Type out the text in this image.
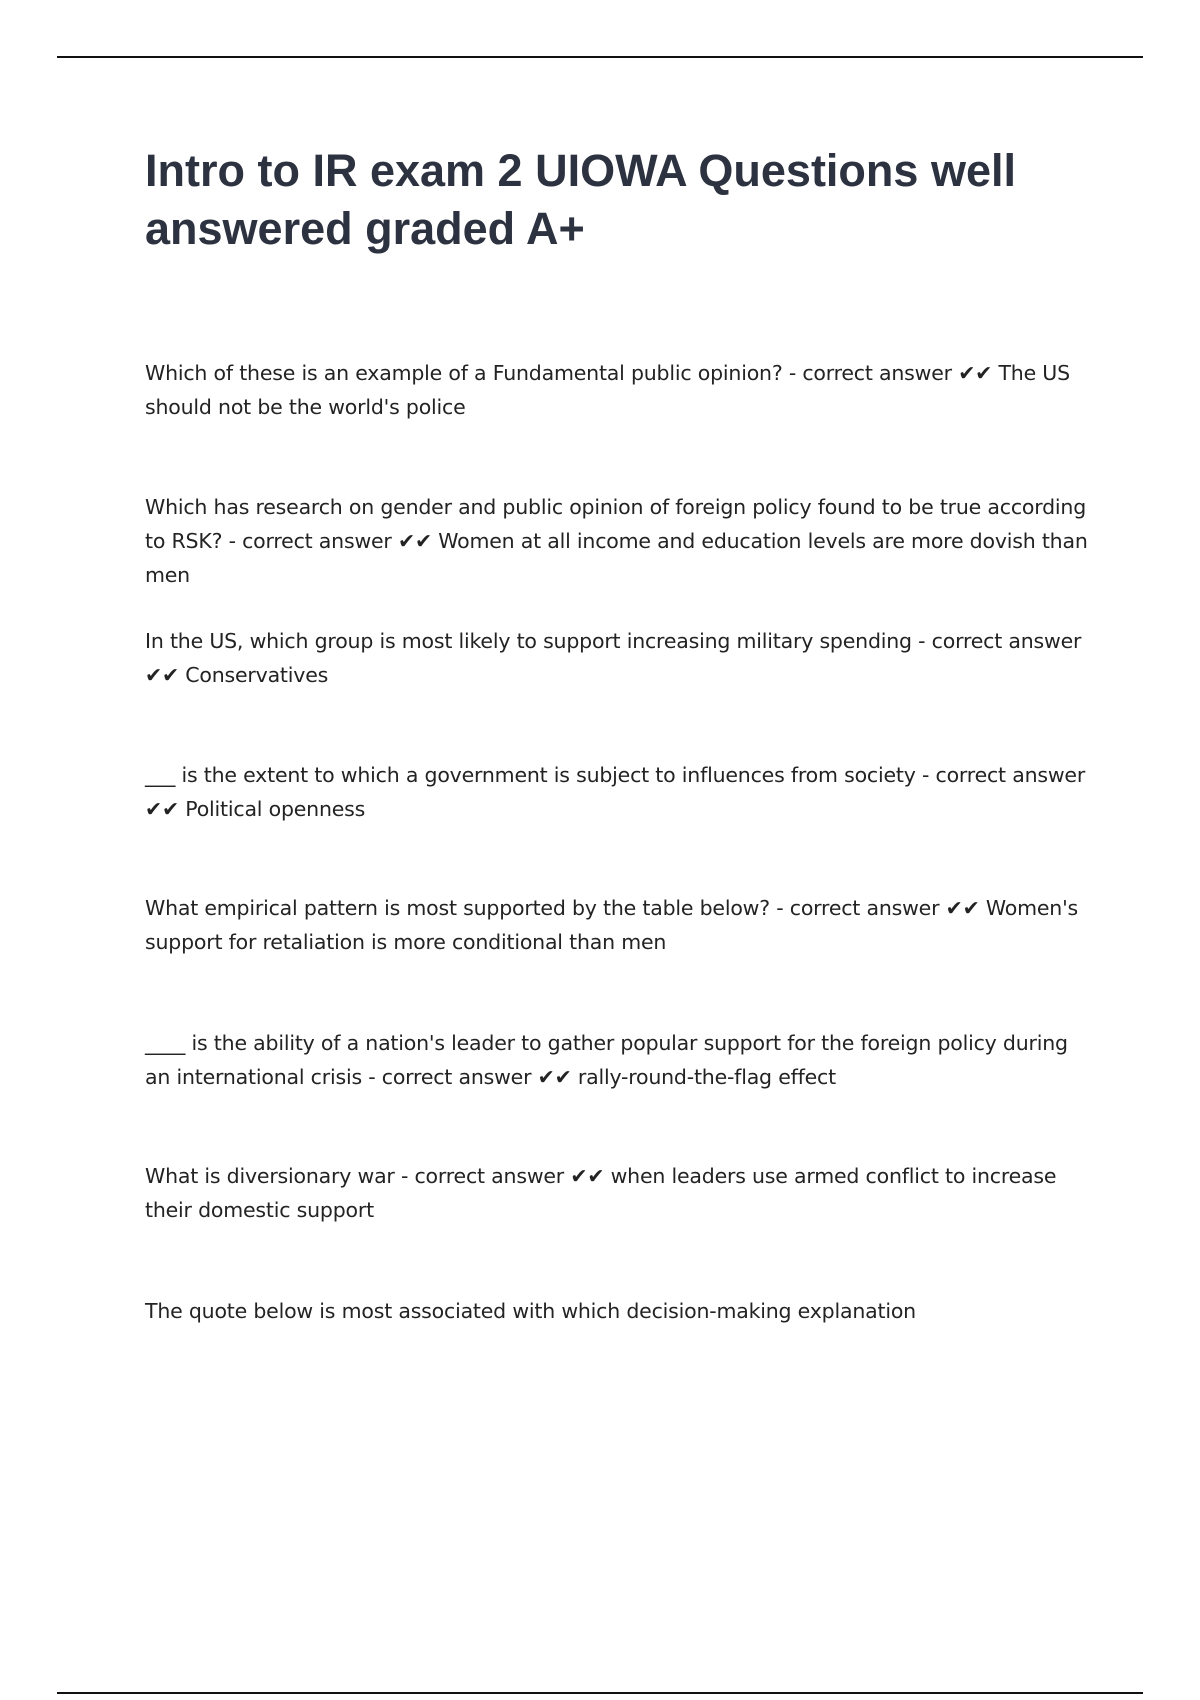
Intro to IR exam 2 UIOWA Questions well answered graded A+

Which of these is an example of a Fundamental public opinion? - correct answer ✔✔ The US should not be the world's police

Which has research on gender and public opinion of foreign policy found to be true according to RSK? - correct answer ✔✔ Women at all income and education levels are more dovish than men

In the US, which group is most likely to support increasing military spending - correct answer ✔✔ Conservatives

___ is the extent to which a government is subject to influences from society - correct answer ✔✔ Political openness

What empirical pattern is most supported by the table below? - correct answer ✔✔ Women's support for retaliation is more conditional than men

____ is the ability of a nation's leader to gather popular support for the foreign policy during an international crisis - correct answer ✔✔ rally-round-the-flag effect

What is diversionary war - correct answer ✔✔ when leaders use armed conflict to increase their domestic support

The quote below is most associated with which decision-making explanation
